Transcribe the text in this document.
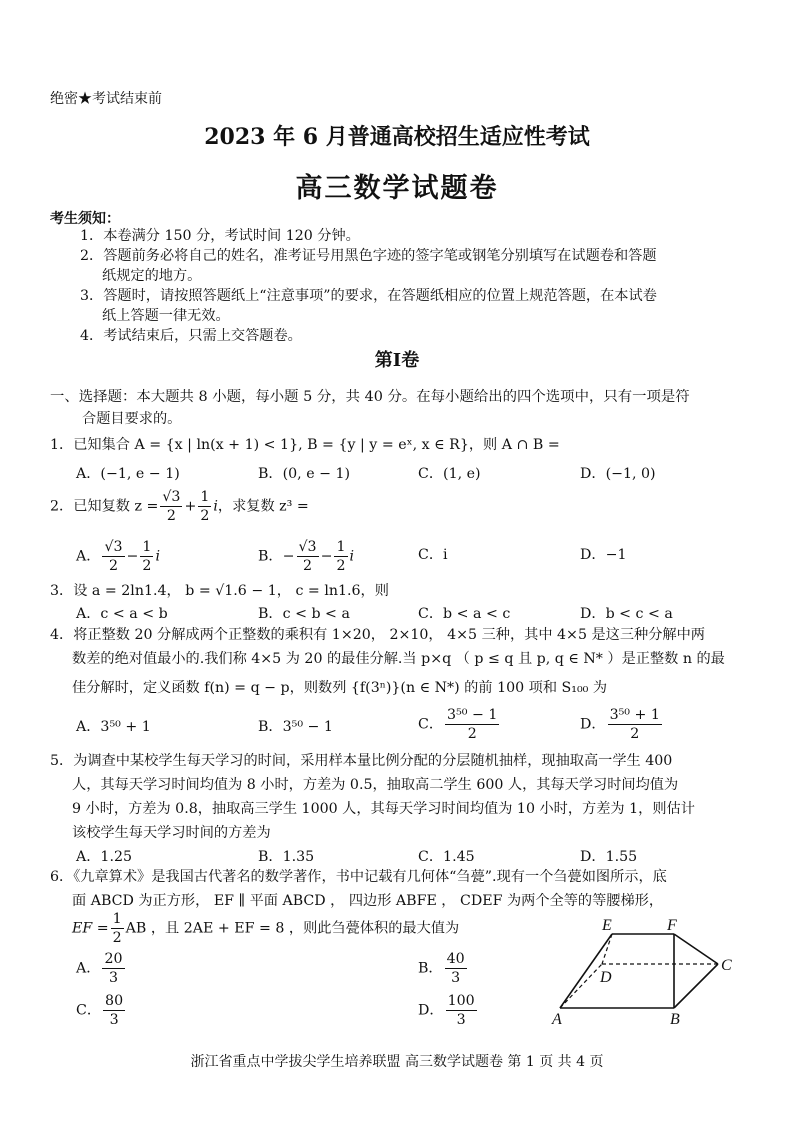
绝密★考试结束前
2023 年 6 月普通高校招生适应性考试
高三数学试题卷
考生须知：
1．本卷满分 150 分，考试时间 120 分钟。
2．答题前务必将自己的姓名，准考证号用黑色字迹的签字笔或钢笔分别填写在试题卷和答题
纸规定的地方。
3．答题时，请按照答题纸上“注意事项”的要求，在答题纸相应的位置上规范答题，在本试卷
纸上答题一律无效。
4．考试结束后，只需上交答题卷。
第Ⅰ卷
一、选择题：本大题共 8 小题，每小题 5 分，共 40 分。在每小题给出的四个选项中，只有一项是符
合题目要求的。
1．已知集合 A = {x | ln(x + 1) < 1}, B = {y | y = eˣ, x ∈ R}，则 A ∩ B =
A．(−1, e − 1)	B．(0, e − 1)	C．(1, e)	D．(−1, 0)
2．已知复数 $z = \frac{√3}{2} + \frac{1}{2}$ i，求复数 z³ =
A． $\frac{√3}{2} - \frac{1}{2}$ i	B．− $\frac{√3}{2} - \frac{1}{2}$ i	C．i	D．−1
3．设 a = 2ln1.4， b = √1.6 − 1， c = ln1.6，则
A．c < a < b	B．c < b < a	C．b < a < c	D．b < c < a
4．将正整数 20 分解成两个正整数的乘积有 1×20， 2×10， 4×5 三种，其中 4×5 是这三种分解中两
数差的绝对值最小的.我们称 4×5 为 20 的最佳分解.当 p×q （ p ≤ q 且 p, q ∈ N* ）是正整数 n 的最
佳分解时，定义函数 f(n) = q − p，则数列 {f(3ⁿ)}(n ∈ N*) 的前 100 项和 S₁₀₀ 为
A．3⁵⁰ + 1	B．3⁵⁰ − 1	C． $\frac{\text{3⁵⁰ − 1}}{2}$	D． $\frac{\text{3⁵⁰ + 1}}{2}$
5．为调查中某校学生每天学习的时间，采用样本量比例分配的分层随机抽样，现抽取高一学生 400
人，其每天学习时间均值为 8 小时，方差为 0.5，抽取高二学生 600 人，其每天学习时间均值为
9 小时，方差为 0.8，抽取高三学生 1000 人，其每天学习时间均值为 10 小时，方差为 1，则估计
该校学生每天学习时间的方差为
A．1.25	B．1.35	C．1.45	D．1.55
6．《九章算术》是我国古代著名的数学著作，书中记载有几何体“刍甍”.现有一个刍甍如图所示，底
面 ABCD 为正方形， EF ∥ 平面 ABCD ， 四边形 ABFE ， CDEF 为两个全等的等腰梯形，
EF = $\frac{1}{2}$ AB ，且 2AE + EF = 8 ，则此刍甍体积的最大值为
A． $\frac{20}{3}$	B． $\frac{40}{3}$
C． $\frac{80}{3}$	D． $\frac{100}{3}$
E	F
D
C
A	B
浙江省重点中学拔尖学生培养联盟 高三数学试题卷 第 1 页 共 4 页
